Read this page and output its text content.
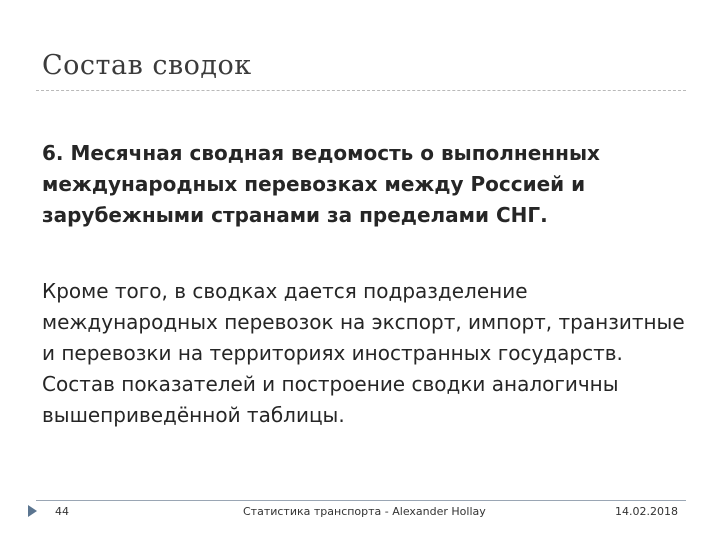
Состав сводок
6. Месячная сводная ведомость о выполненных международных перевозках между Россией и зарубежными странами за пределами СНГ.
Кроме того, в сводках дается подразделение международных перевозок на экспорт, импорт, транзитные и перевозки на территориях иностранных государств. Состав показателей и построение сводки аналогичны вышеприведённой таблицы.
44	Статистика транспорта - Alexander Hollay	14.02.2018
